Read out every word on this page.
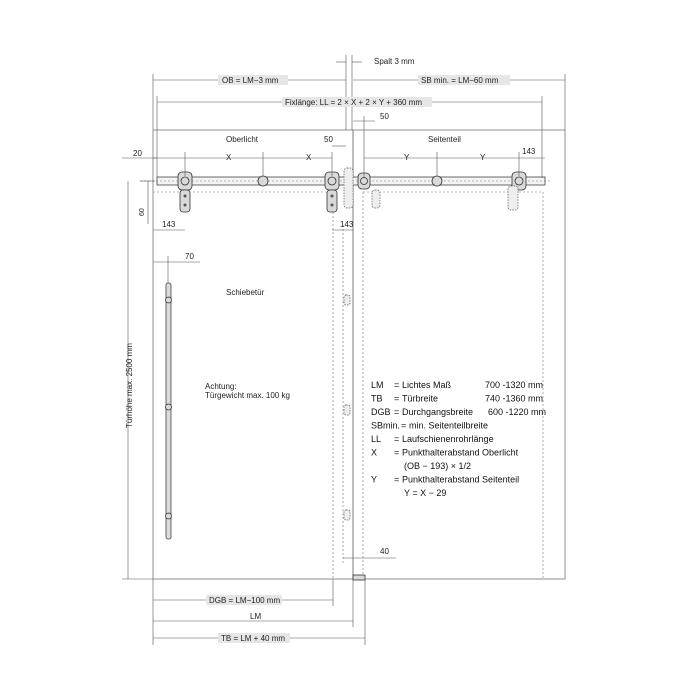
Spalt 3 mm
OB = LM−3 mm	SB min. = LM−60 mm
Fixlänge: LL = 2 × X + 2 × Y + 360 mm
50
Oberlicht	Seitenteil
50
X	X	Y	Y
20	143
60
143	143
70
Türhöhe max. 2500 mm
40
Schiebetür
Achtung:
Türgewicht max. 100 kg
DGB = LM−100 mm
LM
TB = LM + 40 mm
LM = Lichtes Maß	700 -1320 mm
TB = Türbreite	740 -1360 mm
DGB = Durchgangsbreite 600 -1220 mm
SBmin. = min. Seitenteilbreite
LL = Laufschienenrohrlänge
X = Punkthalterabstand Oberlicht
(OB − 193) × 1/2
Y = Punkthalterabstand Seitenteil
Y = X − 29
